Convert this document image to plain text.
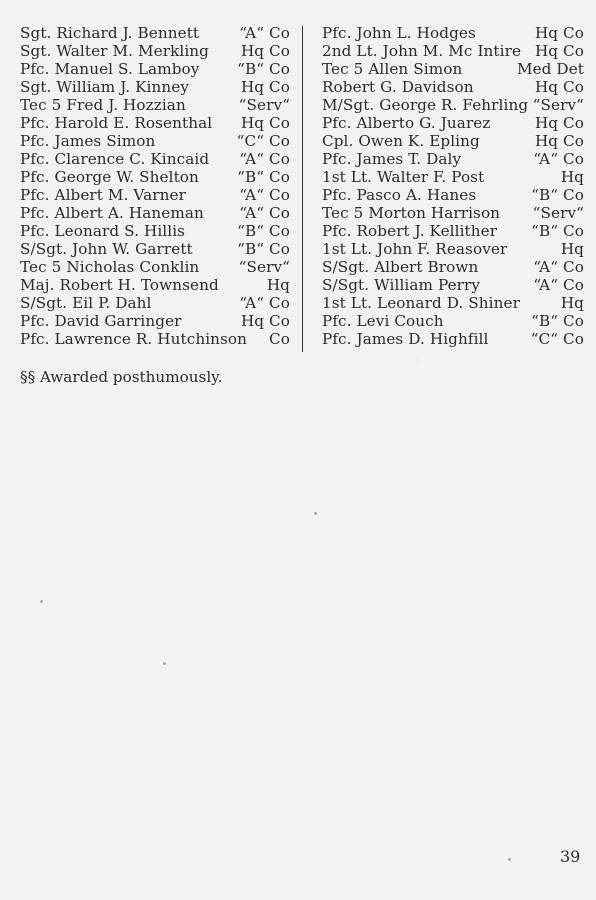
Sgt. Richard J. Bennett	“A“ Co
Sgt. Walter M. Merkling Hq Co
Pfc. Manuel S. Lamboy “B“ Co
Sgt. William J. Kinney	Hq Co
Tec 5 Fred J. Hozzian	“Serv“
Pfc. Harold E. Rosenthal Hq Co
Pfc. James Simon	“C“ Co
Pfc. Clarence C. Kincaid “A“ Co
Pfc. George W. Shelton	“B“ Co
Pfc. Albert M. Varner	“A“ Co
Pfc. Albert A. Haneman “A“ Co
Pfc. Leonard S. Hillis	“B“ Co
S/Sgt. John W. Garrett	“B“ Co
Tec 5 Nicholas Conklin	“Serv“
Maj. Robert H. Townsend	Hq
S/Sgt. Eil P. Dahl	“A“ Co
Pfc. David Garringer	Hq Co
Pfc. Lawrence R. Hutchinson Co
Pfc. John L. Hodges	Hq Co
2nd Lt. John M. Mc Intire Hq Co
Tec 5 Allen Simon	Med Det
Robert G. Davidson	Hq Co
M/Sgt. George R. Fehrling “Serv“
Pfc. Alberto G. Juarez	Hq Co
Cpl. Owen K. Epling	Hq Co
Pfc. James T. Daly	“A“ Co
1st Lt. Walter F. Post	Hq
Pfc. Pasco A. Hanes	“B“ Co
Tec 5 Morton Harrison “Serv“
Pfc. Robert J. Kellither “B“ Co
1st Lt. John F. Reasover	Hq
S/Sgt. Albert Brown	“A“ Co
S/Sgt. William Perry	“A“ Co
1st Lt. Leonard D. Shiner	Hq
Pfc. Levi Couch	“B“ Co
Pfc. James D. Highfill	“C“ Co
§§ Awarded posthumously.
39
